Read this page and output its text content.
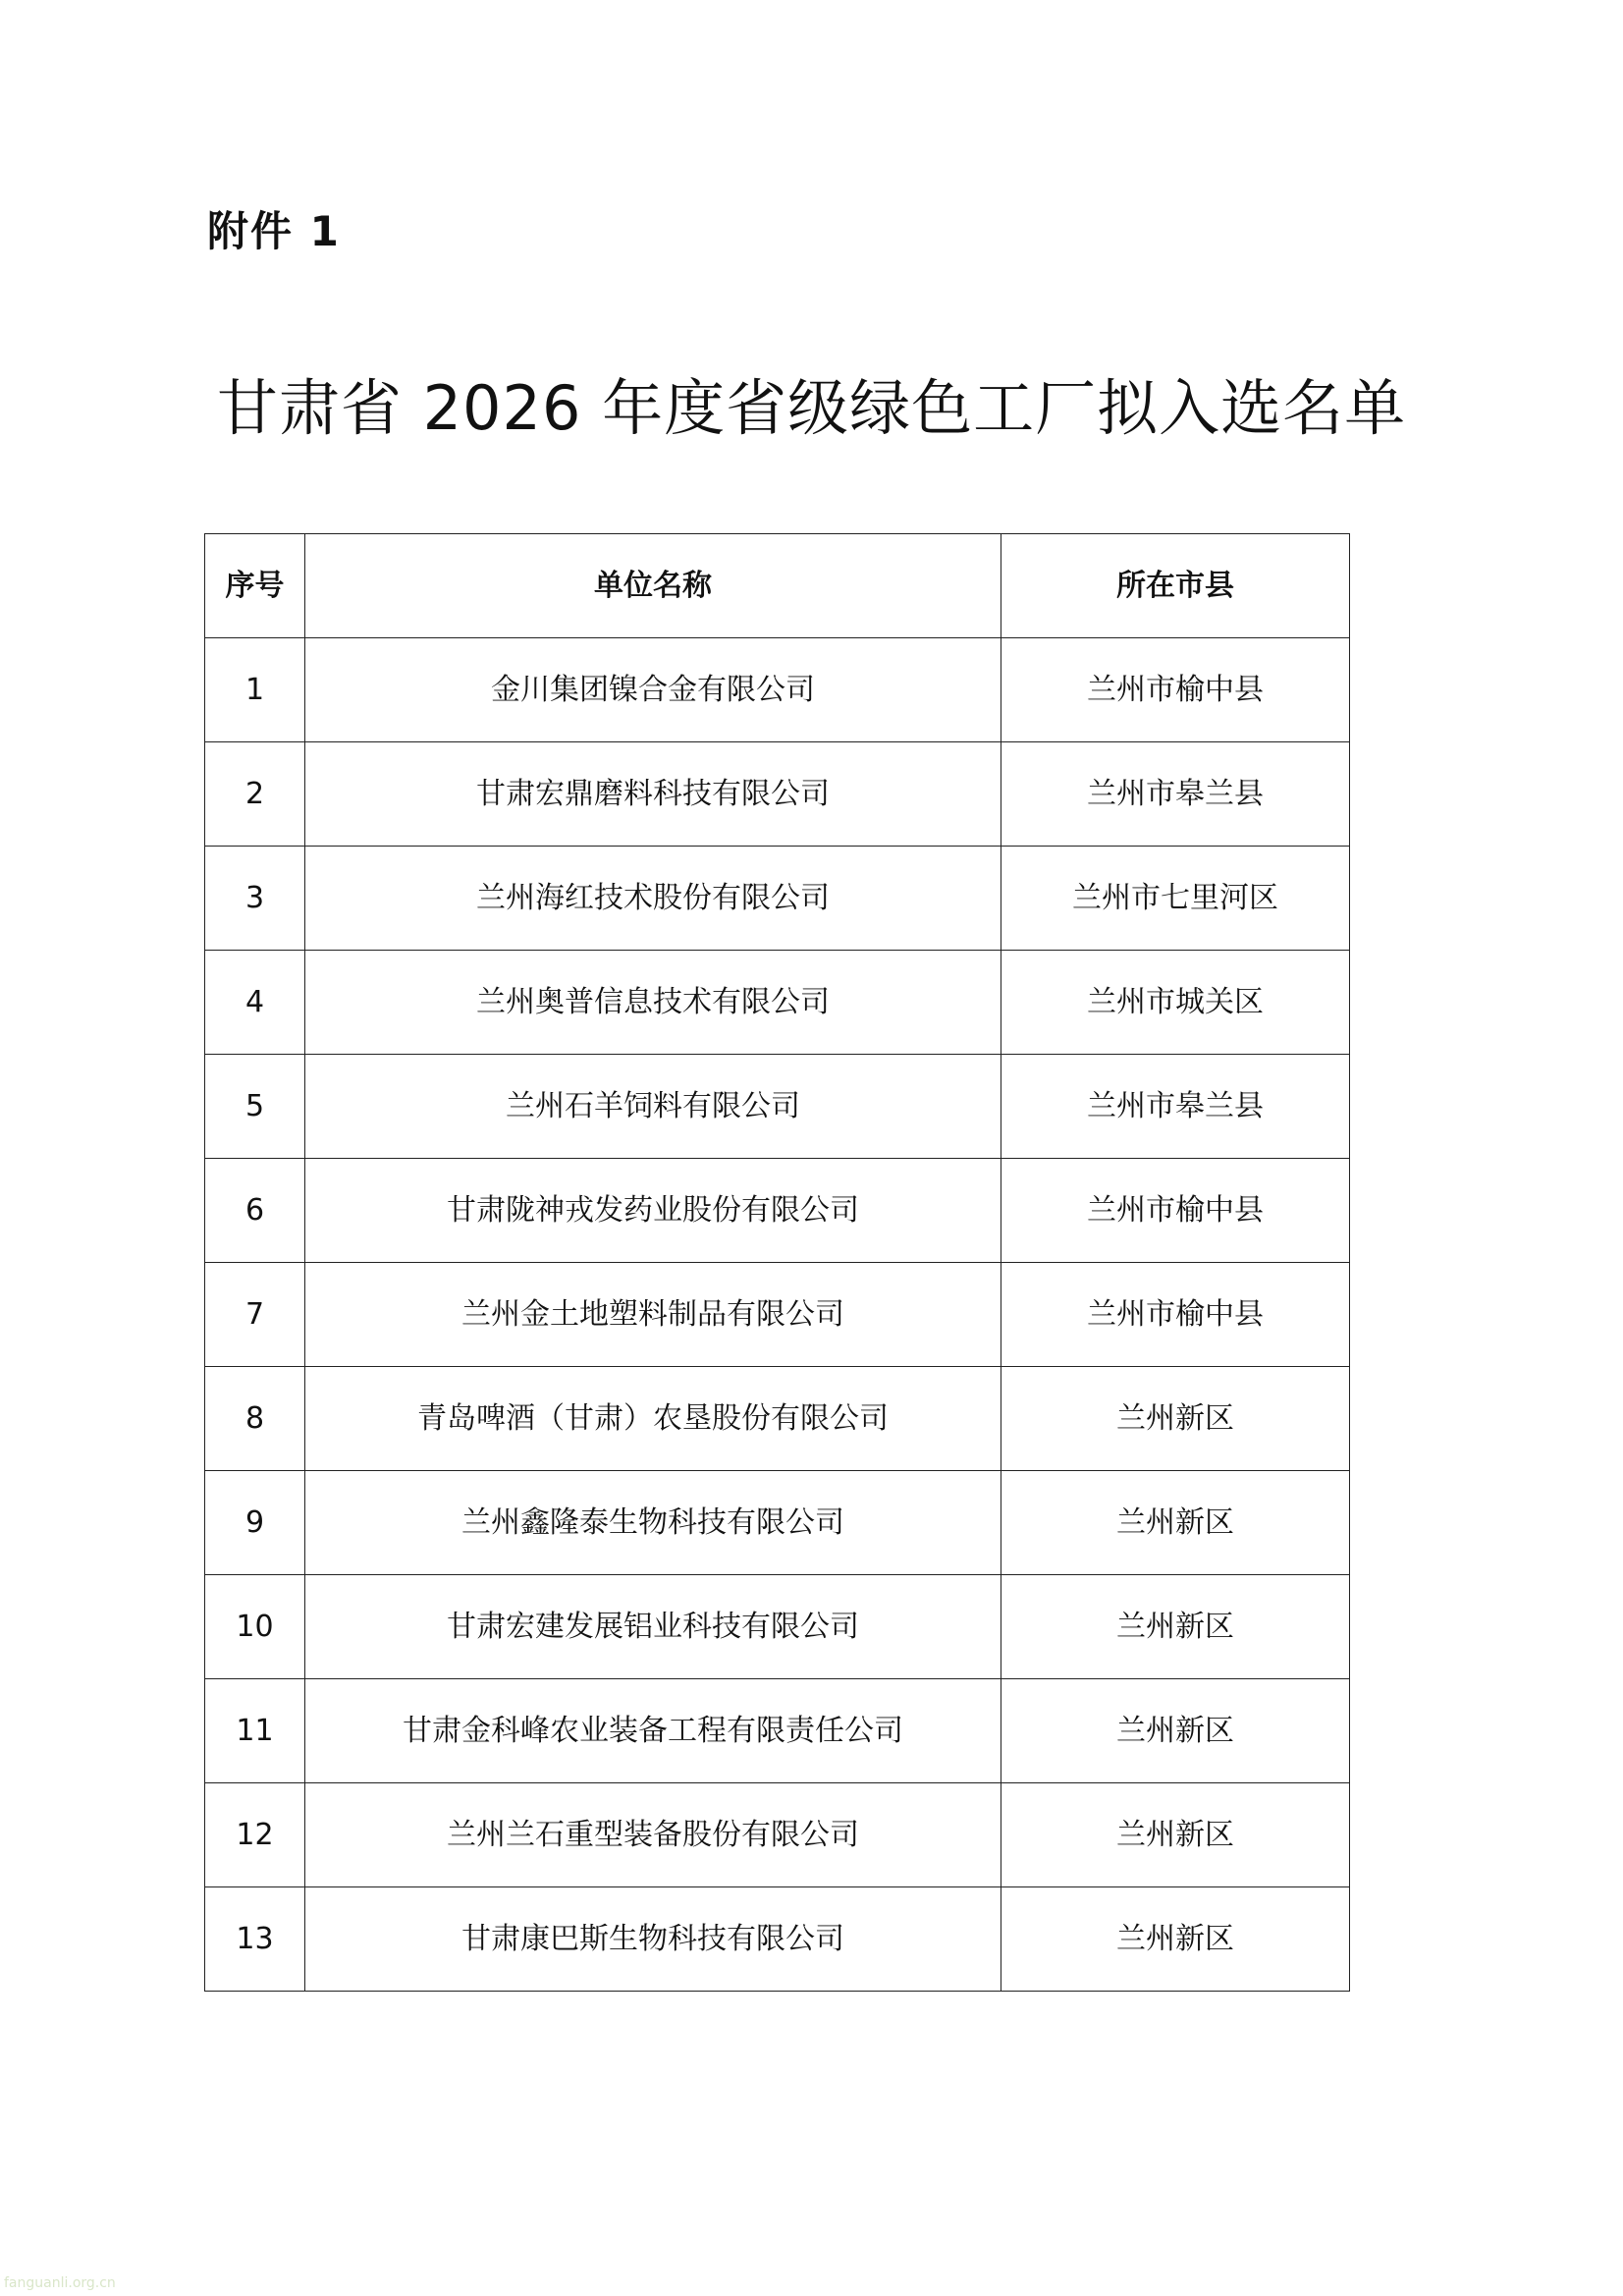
附件 1
甘肃省 2026 年度省级绿色工厂拟入选名单
序号	单位名称	所在市县
1	金川集团镍合金有限公司	兰州市榆中县
2	甘肃宏鼎磨料科技有限公司	兰州市皋兰县
3	兰州海红技术股份有限公司	兰州市七里河区
4	兰州奥普信息技术有限公司	兰州市城关区
5	兰州石羊饲料有限公司	兰州市皋兰县
6	甘肃陇神戎发药业股份有限公司	兰州市榆中县
7	兰州金土地塑料制品有限公司	兰州市榆中县
8	青岛啤酒（甘肃）农垦股份有限公司	兰州新区
9	兰州鑫隆泰生物科技有限公司	兰州新区
10	甘肃宏建发展铝业科技有限公司	兰州新区
11	甘肃金科峰农业装备工程有限责任公司	兰州新区
12	兰州兰石重型装备股份有限公司	兰州新区
13	甘肃康巴斯生物科技有限公司	兰州新区
fanguanli.org.cn
